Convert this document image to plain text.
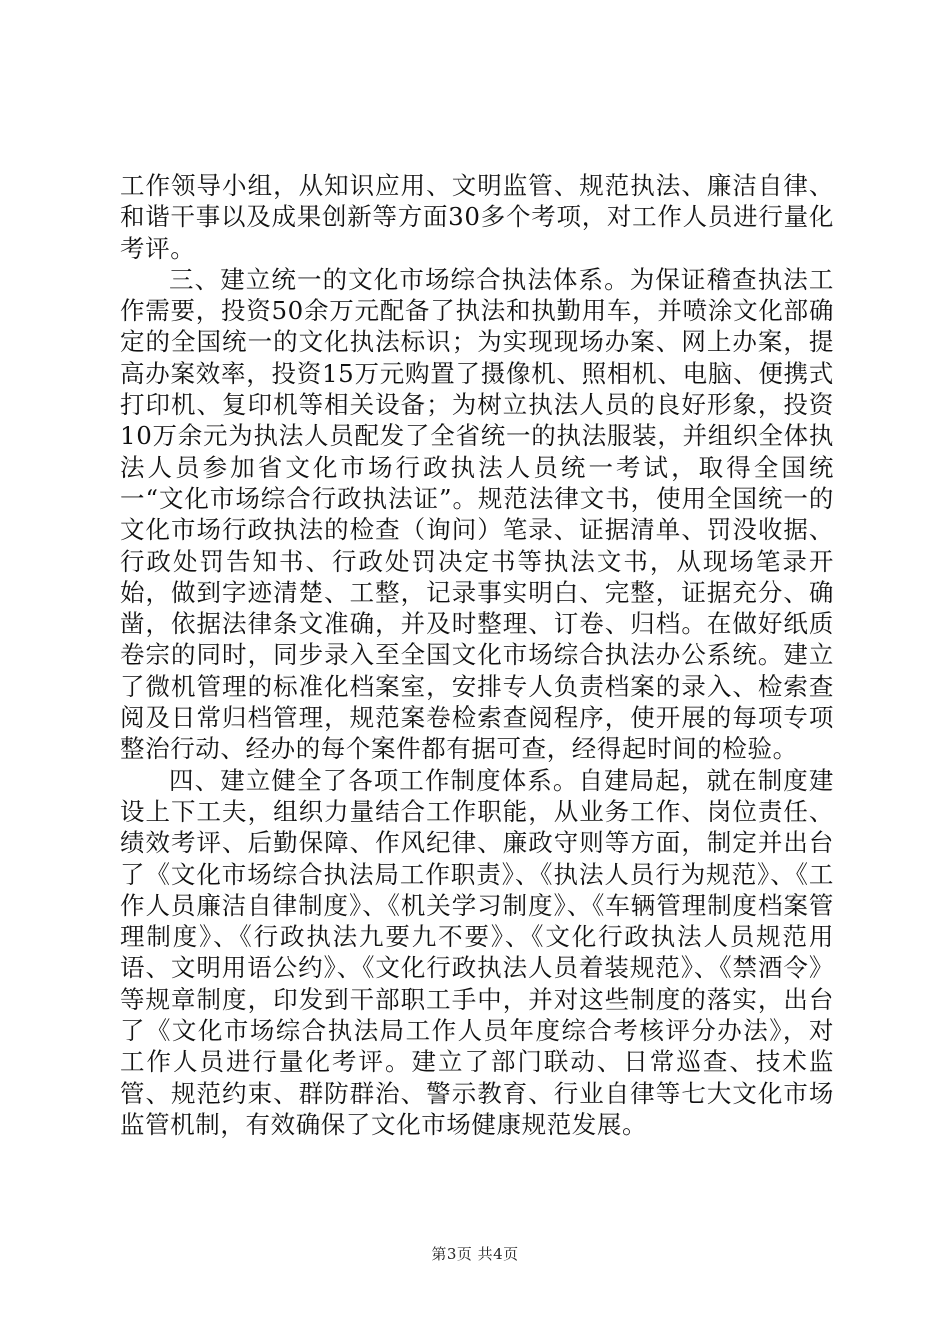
工作领导小组，从知识应用、文明监管、规范执法、廉洁自律、和谐干事以及成果创新等方面30多个考项，对工作人员进行量化考评。

三、建立统一的文化市场综合执法体系。为保证稽查执法工作需要，投资50余万元配备了执法和执勤用车，并喷涂文化部确定的全国统一的文化执法标识；为实现现场办案、网上办案，提高办案效率，投资15万元购置了摄像机、照相机、电脑、便携式打印机、复印机等相关设备；为树立执法人员的良好形象，投资10万余元为执法人员配发了全省统一的执法服装，并组织全体执法人员参加省文化市场行政执法人员统一考试，取得全国统一“文化市场综合行政执法证”。规范法律文书，使用全国统一的文化市场行政执法的检查（询问）笔录、证据清单、罚没收据、行政处罚告知书、行政处罚决定书等执法文书，从现场笔录开始，做到字迹清楚、工整，记录事实明白、完整，证据充分、确凿，依据法律条文准确，并及时整理、订卷、归档。在做好纸质卷宗的同时，同步录入至全国文化市场综合执法办公系统。建立了微机管理的标准化档案室，安排专人负责档案的录入、检索查阅及日常归档管理，规范案卷检索查阅程序，使开展的每项专项整治行动、经办的每个案件都有据可查，经得起时间的检验。

四、建立健全了各项工作制度体系。自建局起，就在制度建设上下工夫，组织力量结合工作职能，从业务工作、岗位责任、绩效考评、后勤保障、作风纪律、廉政守则等方面，制定并出台了《文化市场综合执法局工作职责》、《执法人员行为规范》、《工作人员廉洁自律制度》、《机关学习制度》、《车辆管理制度档案管理制度》、《行政执法九要九不要》、《文化行政执法人员规范用语、文明用语公约》、《文化行政执法人员着装规范》、《禁酒令》等规章制度，印发到干部职工手中，并对这些制度的落实，出台了《文化市场综合执法局工作人员年度综合考核评分办法》，对工作人员进行量化考评。建立了部门联动、日常巡查、技术监管、规范约束、群防群治、警示教育、行业自律等七大文化市场监管机制，有效确保了文化市场健康规范发展。

第3页 共4页
